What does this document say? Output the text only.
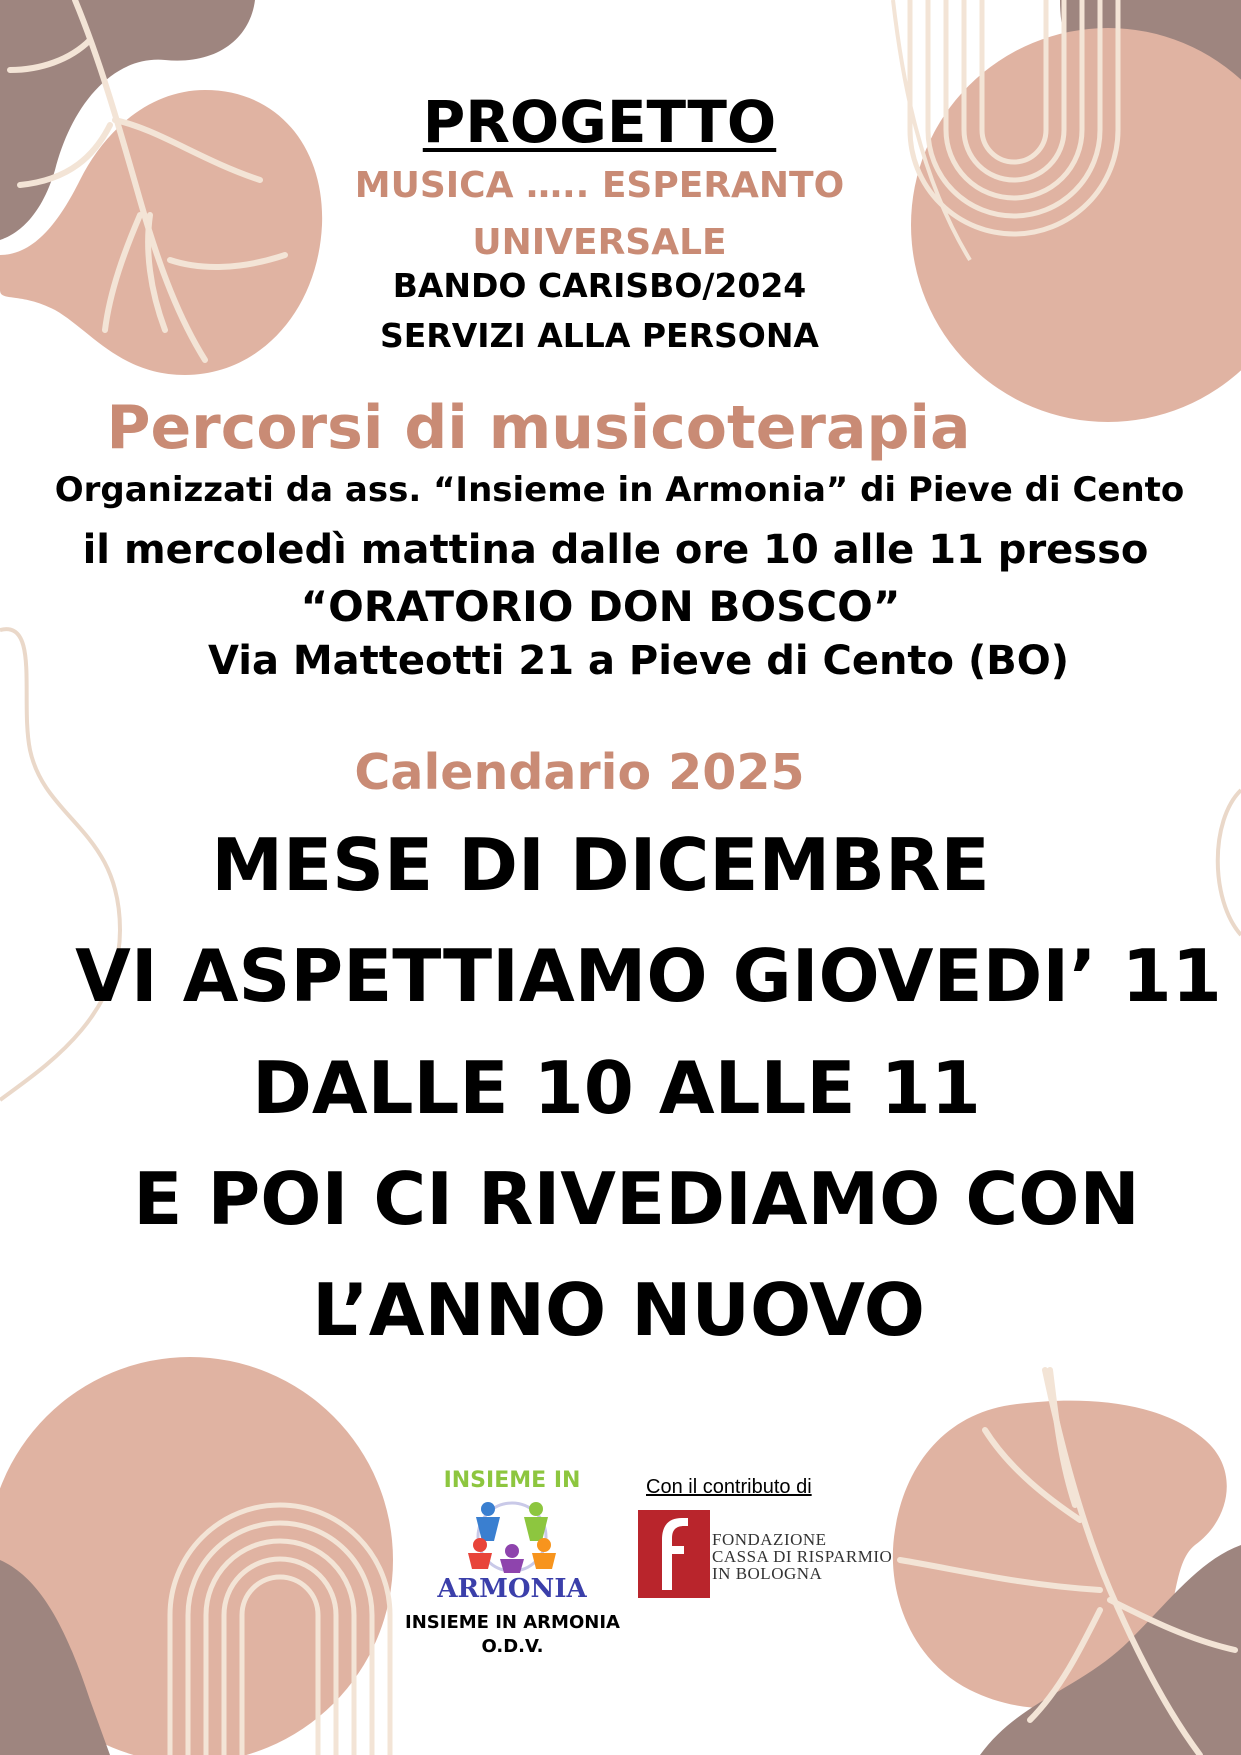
PROGETTO
MUSICA ….. ESPERANTO
UNIVERSALE
BANDO CARISBO/2024
SERVIZI ALLA PERSONA
Percorsi di musicoterapia
Organizzati da ass. “Insieme in Armonia” di Pieve di Cento
il mercoledì mattina dalle ore 10 alle 11 presso
“ORATORIO DON BOSCO”
Via Matteotti 21 a Pieve di Cento (BO)
Calendario 2025
MESE DI DICEMBRE
VI ASPETTIAMO GIOVEDI’ 11
DALLE 10 ALLE 11
E POI CI RIVEDIAMO CON
L’ANNO NUOVO
INSIEME IN
ARMONIA
INSIEME IN ARMONIA
O.D.V.
Con il contributo di
FONDAZIONE
CASSA DI RISPARMIO
IN BOLOGNA
